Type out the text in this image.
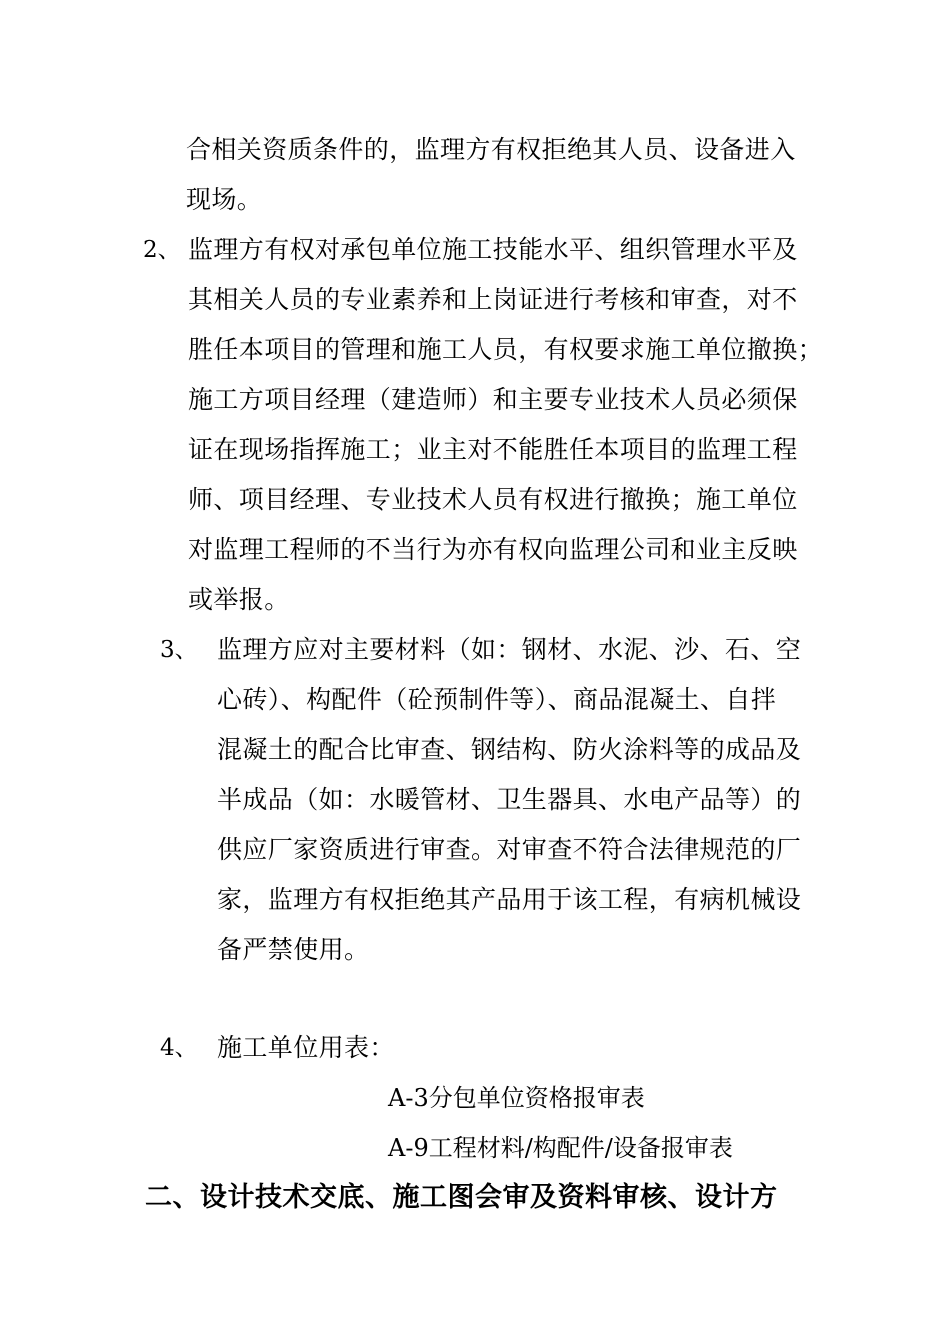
合相关资质条件的，监理方有权拒绝其人员、设备进入
现场。
2、 监理方有权对承包单位施工技能水平、组织管理水平及
其相关人员的专业素养和上岗证进行考核和审查，对不
胜任本项目的管理和施工人员，有权要求施工单位撤换；
施工方项目经理（建造师）和主要专业技术人员必须保
证在现场指挥施工；业主对不能胜任本项目的监理工程
师、项目经理、专业技术人员有权进行撤换；施工单位
对监理工程师的不当行为亦有权向监理公司和业主反映
或举报。
3、 监理方应对主要材料（如：钢材、水泥、沙、石、空
心砖）、构配件（砼预制件等）、商品混凝土、自拌
混凝土的配合比审查、钢结构、防火涂料等的成品及
半成品（如：水暖管材、卫生器具、水电产品等）的
供应厂家资质进行审查。对审查不符合法律规范的厂
家，监理方有权拒绝其产品用于该工程，有病机械设
备严禁使用。
4、 施工单位用表：
A-3分包单位资格报审表
A-9工程材料/构配件/设备报审表
二、设计技术交底、施工图会审及资料审核、设计方
